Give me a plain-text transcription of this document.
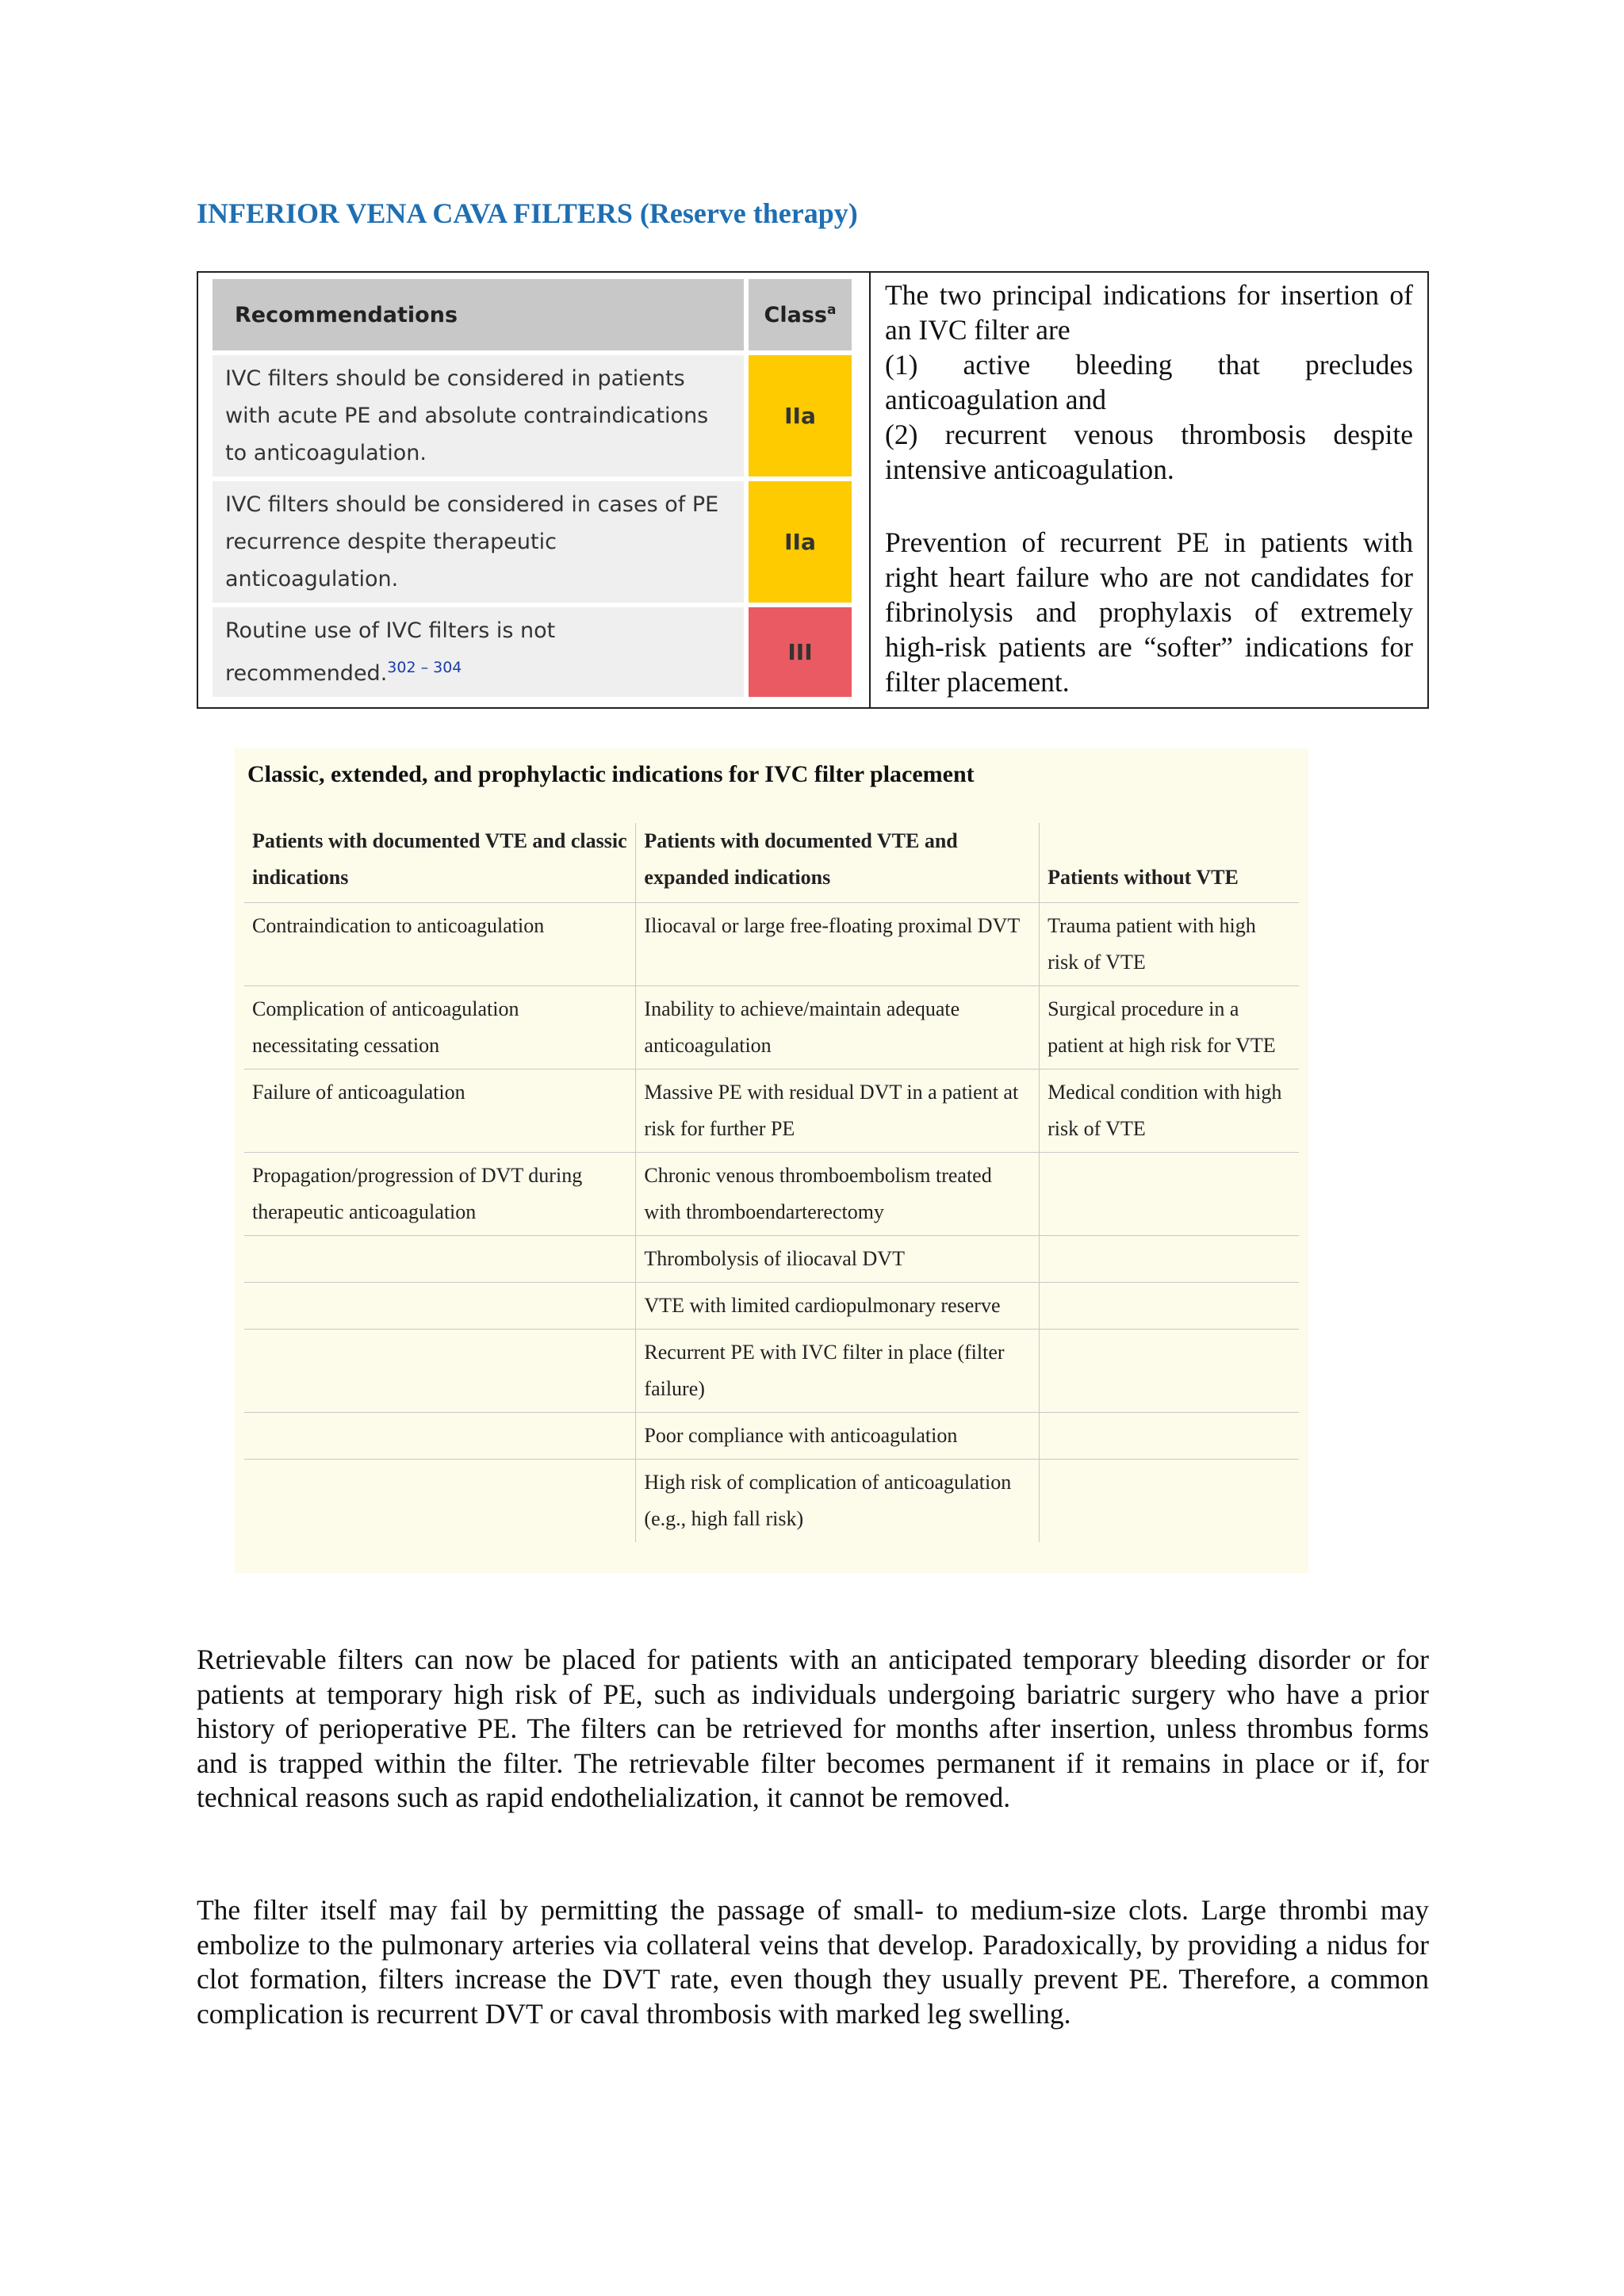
INFERIOR VENA CAVA FILTERS (Reserve therapy)
Recommendations	Class$^a$
IVC filters should be considered in patients with acute PE and absolute contraindications to anticoagulation.	IIa
IVC filters should be considered in cases of PE recurrence despite therapeutic anticoagulation.	IIa
Routine use of IVC filters is not recommended.$^{302 - 304}$	III

The two principal indications for insertion of an IVC filter are

(1) active bleeding that precludes anticoagulation and

(2) recurrent venous thrombosis despite intensive anticoagulation.

Prevention of recurrent PE in patients with right heart failure who are not candidates for fibrinolysis and prophylaxis of extremely high-risk patients are “softer” indications for filter placement.

Classic, extended, and prophylactic indications for IVC filter placement
Patients with documented VTE and classic indications	Patients with documented VTE and expanded indications	Patients without VTE
Contraindication to anticoagulation	Iliocaval or large free-floating proximal DVT	Trauma patient with high risk of VTE
Complication of anticoagulation necessitating cessation	Inability to achieve/maintain adequate anticoagulation	Surgical procedure in a patient at high risk for VTE
Failure of anticoagulation	Massive PE with residual DVT in a patient at risk for further PE	Medical condition with high risk of VTE
Propagation/progression of DVT during therapeutic anticoagulation	Chronic venous thromboembolism treated with thromboendarterectomy	
	Thrombolysis of iliocaval DVT	
	VTE with limited cardiopulmonary reserve	
	Recurrent PE with IVC filter in place (filter failure)	
	Poor compliance with anticoagulation	
	High risk of complication of anticoagulation (e.g., high fall risk)	

Retrievable filters can now be placed for patients with an anticipated temporary bleeding disorder or for patients at temporary high risk of PE, such as individuals undergoing bariatric surgery who have a prior history of perioperative PE. The filters can be retrieved for months after insertion, unless thrombus forms and is trapped within the filter. The retrievable filter becomes permanent if it remains in place or if, for technical reasons such as rapid endothelialization, it cannot be removed.

The filter itself may fail by permitting the passage of small- to medium-size clots. Large thrombi may embolize to the pulmonary arteries via collateral veins that develop. Paradoxically, by providing a nidus for clot formation, filters increase the DVT rate, even though they usually prevent PE. Therefore, a common complication is recurrent DVT or caval thrombosis with marked leg swelling.
